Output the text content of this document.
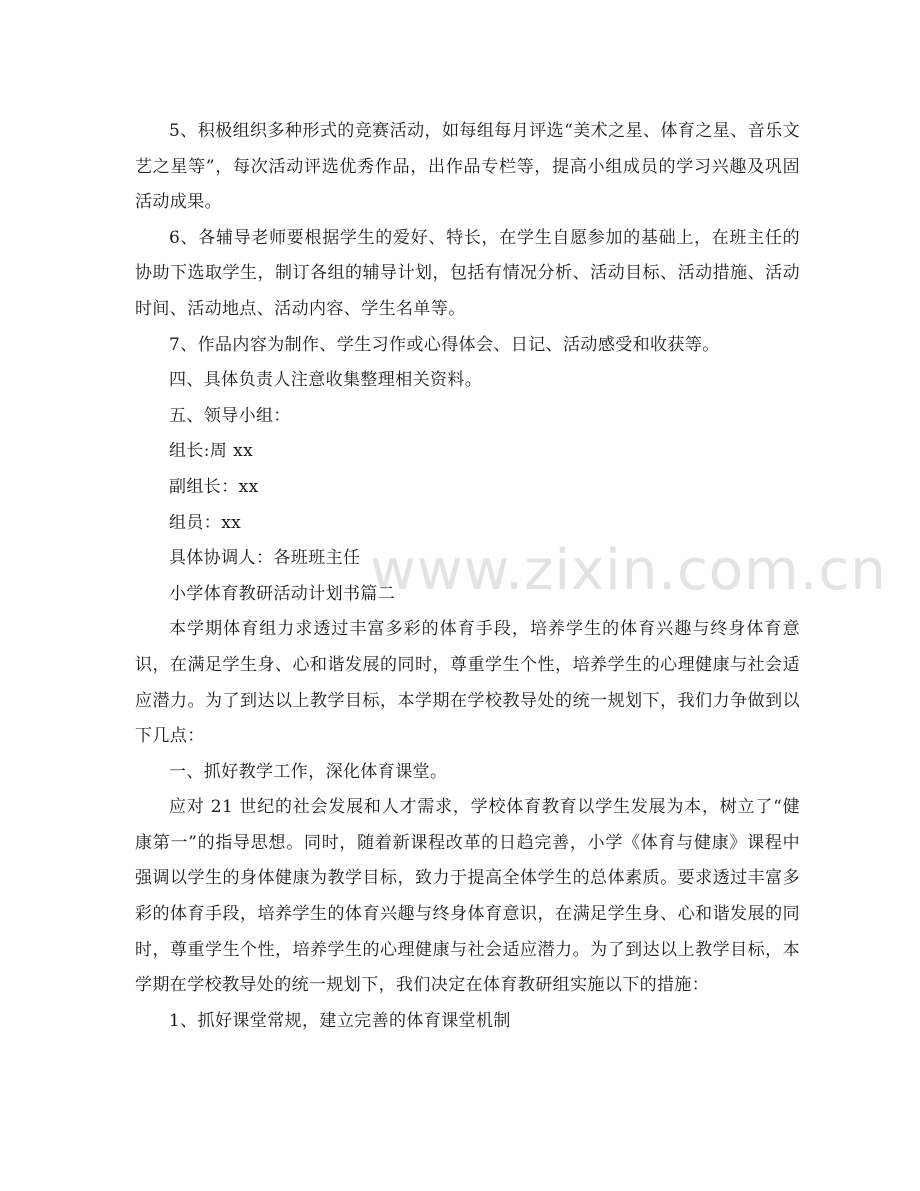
www.zixin.com.cn

5、积极组织多种形式的竞赛活动，如每组每月评选“美术之星、体育之星、音乐文艺之星等”，每次活动评选优秀作品，出作品专栏等，提高小组成员的学习兴趣及巩固活动成果。

6、各辅导老师要根据学生的爱好、特长，在学生自愿参加的基础上，在班主任的协助下选取学生，制订各组的辅导计划，包括有情况分析、活动目标、活动措施、活动时间、活动地点、活动内容、学生名单等。

7、作品内容为制作、学生习作或心得体会、日记、活动感受和收获等。

四、具体负责人注意收集整理相关资料。

五、领导小组：

组长:周 xx

副组长：xx

组员：xx

具体协调人：各班班主任

小学体育教研活动计划书篇二

本学期体育组力求透过丰富多彩的体育手段，培养学生的体育兴趣与终身体育意识，在满足学生身、心和谐发展的同时，尊重学生个性，培养学生的心理健康与社会适应潜力。为了到达以上教学目标，本学期在学校教导处的统一规划下，我们力争做到以下几点：

一、抓好教学工作，深化体育课堂。

应对 21 世纪的社会发展和人才需求，学校体育教育以学生发展为本，树立了“健康第一”的指导思想。同时，随着新课程改革的日趋完善，小学《体育与健康》课程中强调以学生的身体健康为教学目标，致力于提高全体学生的总体素质。要求透过丰富多彩的体育手段，培养学生的体育兴趣与终身体育意识，在满足学生身、心和谐发展的同时，尊重学生个性，培养学生的心理健康与社会适应潜力。为了到达以上教学目标，本学期在学校教导处的统一规划下，我们决定在体育教研组实施以下的措施：

1、抓好课堂常规，建立完善的体育课堂机制
